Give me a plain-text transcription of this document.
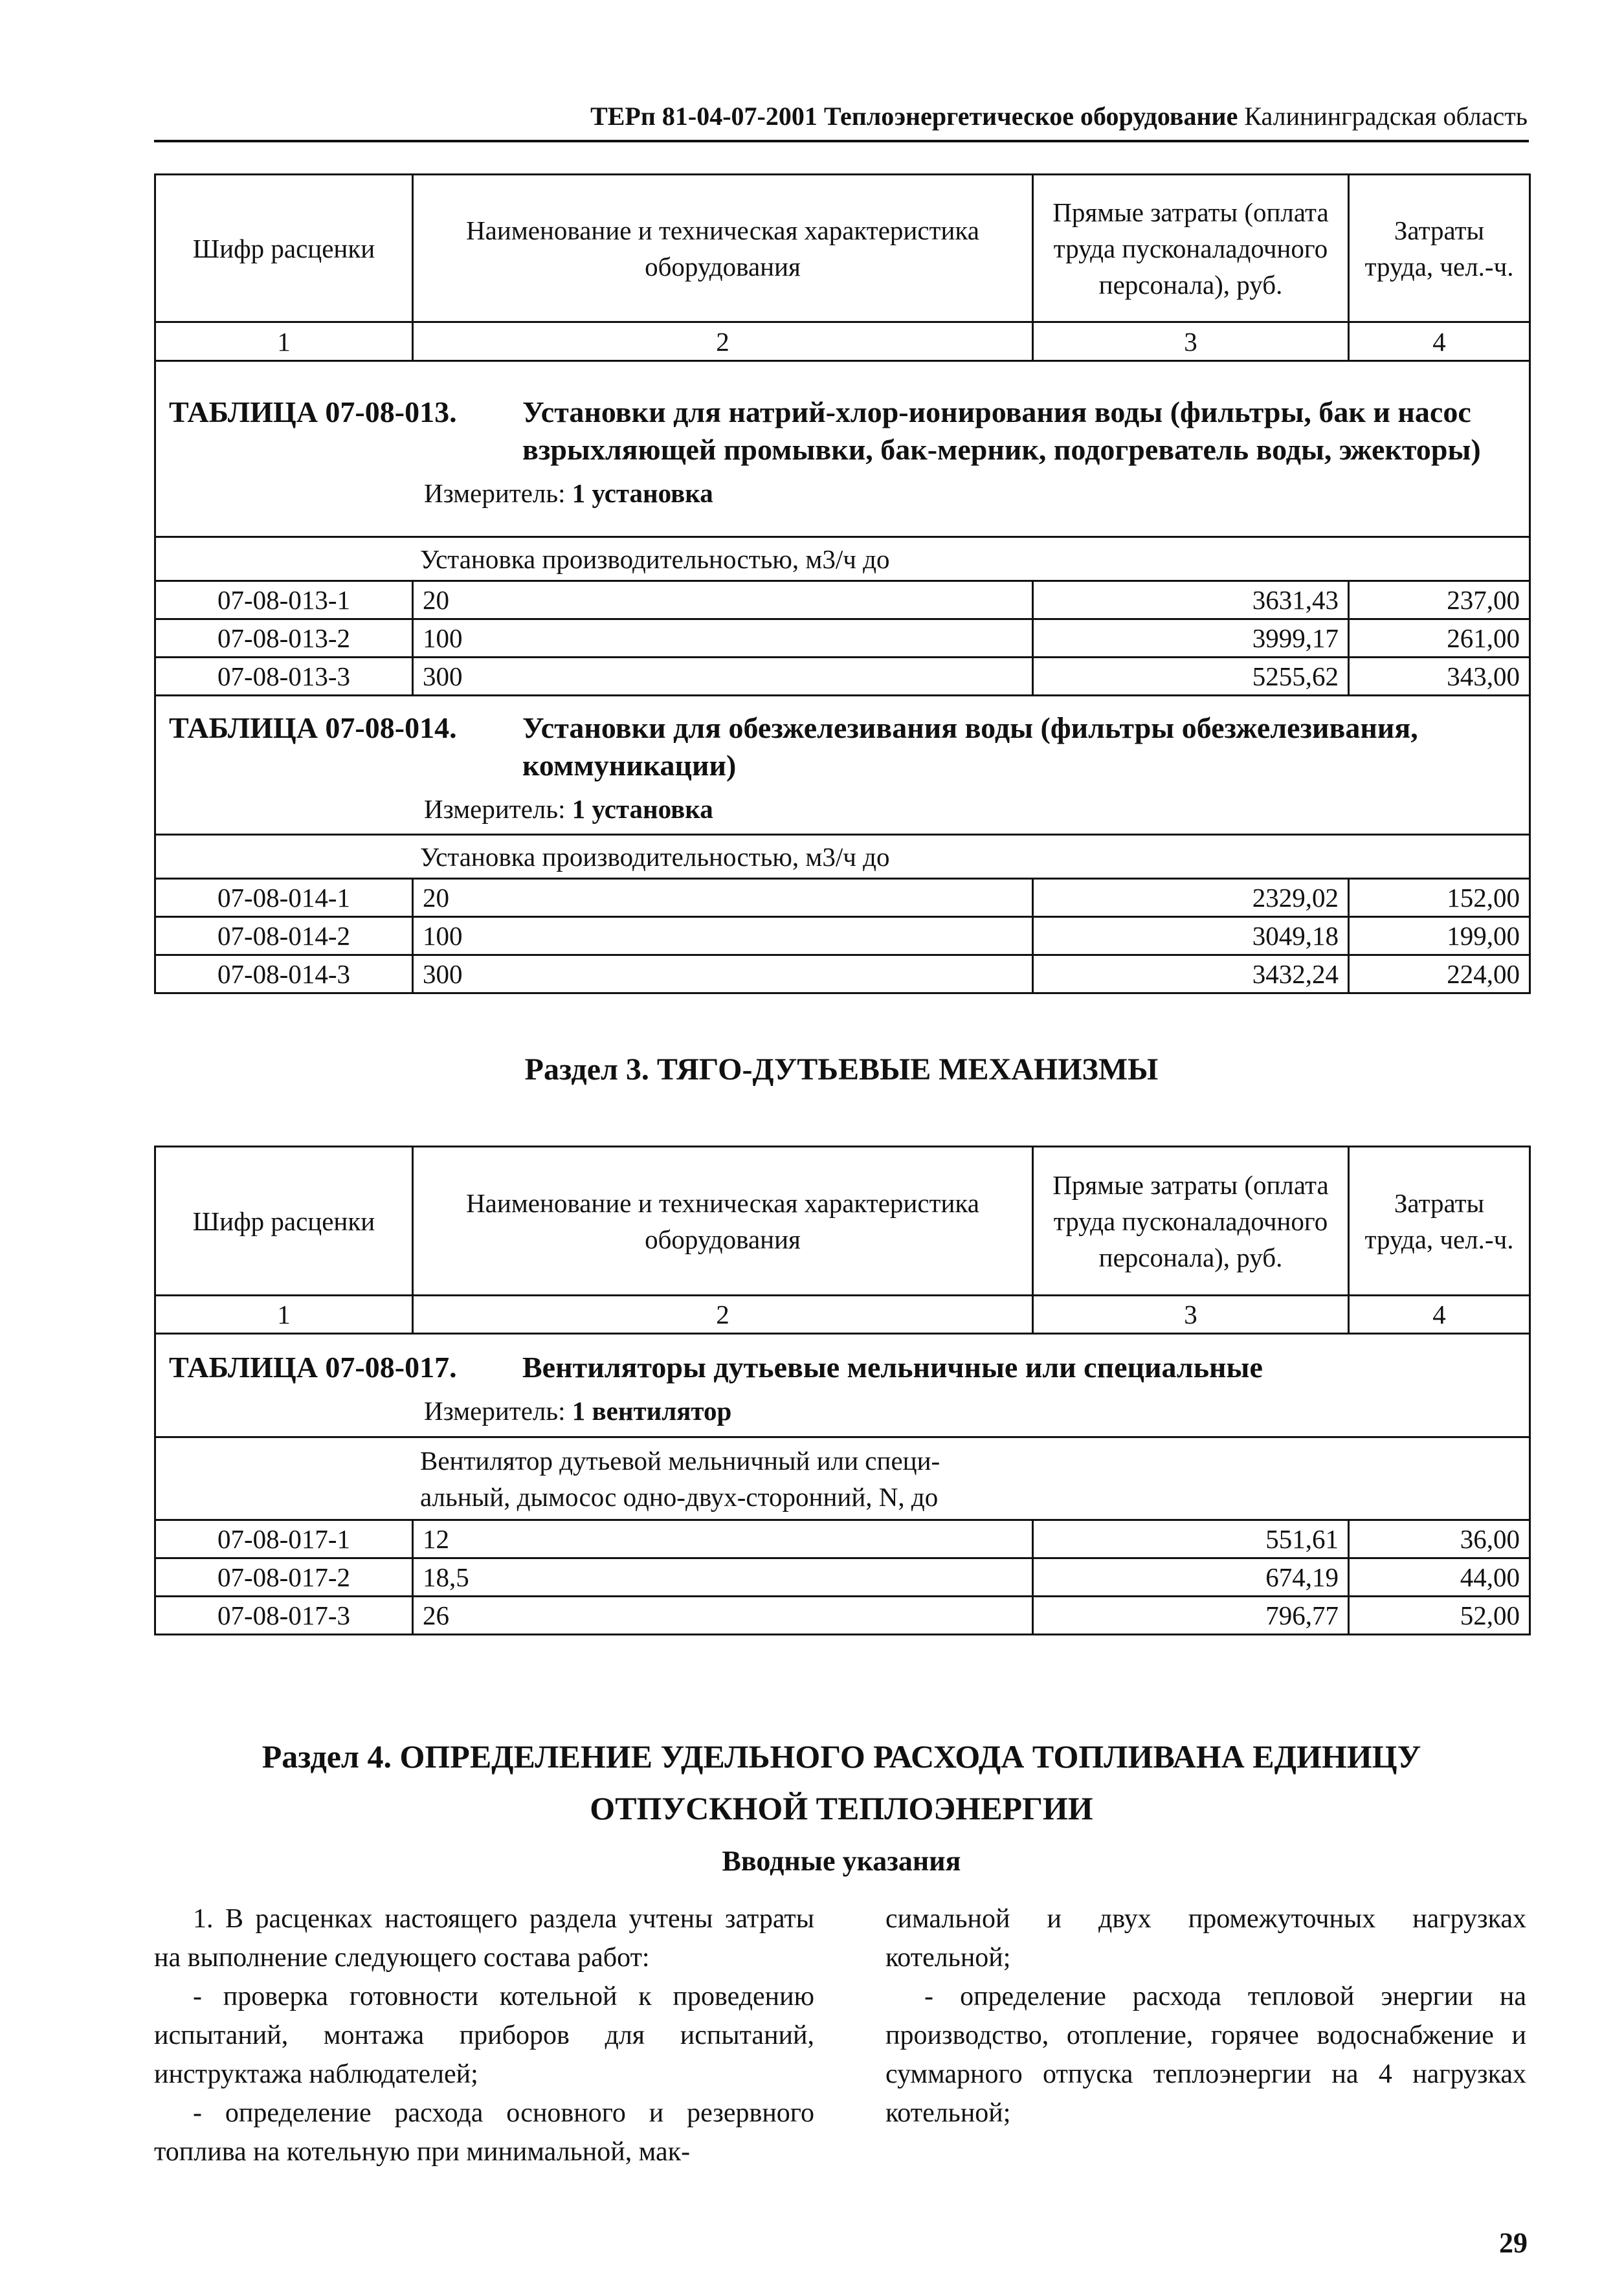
ТЕРп 81-04-07-2001 Теплоэнергетическое оборудование Калининградская область
Шифр расценки	Наименование и техническая характеристика оборудования	Прямые затраты (оплата труда пусконаладочного персонала), руб.	Затраты труда, чел.-ч.
1	2	3	4

ТАБЛИЦА 07-08-013. Установки для натрий-хлор-ионирования воды (фильтры, бак и насос взрыхляющей промывки, бак-мерник, подогреватель воды, эжекторы)
Измеритель: 1 установка			

Установка производительностью, м3/ч до			
07-08-013-1	20	3631,43	237,00
07-08-013-2	100	3999,17	261,00
07-08-013-3	300	5255,62	343,00

ТАБЛИЦА 07-08-014. Установки для обезжелезивания воды (фильтры обезжелезивания, коммуникации)
Измеритель: 1 установка			

Установка производительностью, м3/ч до			
07-08-014-1	20	2329,02	152,00
07-08-014-2	100	3049,18	199,00
07-08-014-3	300	3432,24	224,00
Раздел 3. ТЯГО-ДУТЬЕВЫЕ МЕХАНИЗМЫ
Шифр расценки	Наименование и техническая характеристика оборудования	Прямые затраты (оплата труда пусконаладочного персонала), руб.	Затраты труда, чел.-ч.
1	2	3	4

ТАБЛИЦА 07-08-017. Вентиляторы дутьевые мельничные или специальные
Измеритель: 1 вентилятор			

Вентилятор дутьевой мельничный или специ-
альный, дымосос одно-двух-сторонний, N, до			

07-08-017-1	12	551,61	36,00
07-08-017-2	18,5	674,19	44,00
07-08-017-3	26	796,77	52,00
Раздел 4. ОПРЕДЕЛЕНИЕ УДЕЛЬНОГО РАСХОДА ТОПЛИВАНА ЕДИНИЦУ
ОТПУСКНОЙ ТЕПЛОЭНЕРГИИ
Вводные указания

1. В расценках настоящего раздела учтены затраты на выполнение следующего состава работ:

- проверка готовности котельной к проведению испытаний, монтажа приборов для испытаний, инструктажа наблюдателей;

- определение расхода основного и резервного топлива на котельную при минимальной, мак-

симальной и двух промежуточных нагрузках котельной;

- определение расхода тепловой энергии на производство, отопление, горячее водоснабжение и суммарного отпуска теплоэнергии на 4 нагрузках котельной;

29
